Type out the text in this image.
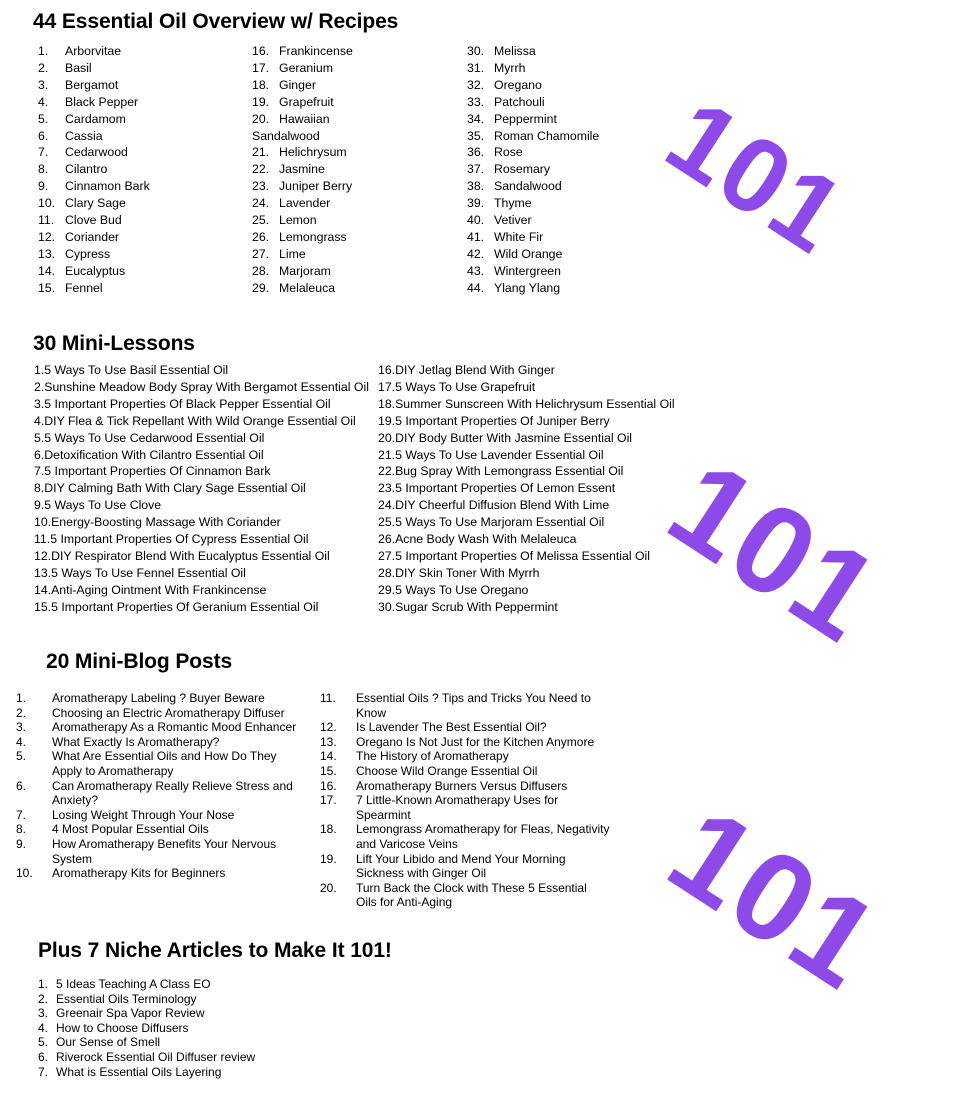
44 Essential Oil Overview w/ Recipes
1.Arborvitae
2.Basil
3.Bergamot
4.Black Pepper
5.Cardamom
6.Cassia
7.Cedarwood
8.Cilantro
9.Cinnamon Bark
10.Clary Sage
11.Clove Bud
12.Coriander
13.Cypress
14.Eucalyptus
15.Fennel
16.Frankincense
17.Geranium
18.Ginger
19.Grapefruit
20.Hawaiian Sandalwood
21.Helichrysum
22.Jasmine
23.Juniper Berry
24.Lavender
25.Lemon
26.Lemongrass
27.Lime
28.Marjoram
29.Melaleuca
30.Melissa
31.Myrrh
32.Oregano
33.Patchouli
34.Peppermint
35.Roman Chamomile
36.Rose
37.Rosemary
38.Sandalwood
39.Thyme
40.Vetiver
41.White Fir
42.Wild Orange
43.Wintergreen
44.Ylang Ylang
30 Mini-Lessons
1.5 Ways To Use Basil Essential Oil
2.Sunshine Meadow Body Spray With Bergamot Essential Oil
3.5 Important Properties Of Black Pepper Essential Oil
4.DIY Flea & Tick Repellant With Wild Orange Essential Oil
5.5 Ways To Use Cedarwood Essential Oil
6.Detoxification With Cilantro Essential Oil
7.5 Important Properties Of Cinnamon Bark
8.DIY Calming Bath With Clary Sage Essential Oil
9.5 Ways To Use Clove
10.Energy-Boosting Massage With Coriander
11.5 Important Properties Of Cypress Essential Oil
12.DIY Respirator Blend With Eucalyptus Essential Oil
13.5 Ways To Use Fennel Essential Oil
14.Anti-Aging Ointment With Frankincense
15.5 Important Properties Of Geranium Essential Oil
16.DIY Jetlag Blend With Ginger
17.5 Ways To Use Grapefruit
18.Summer Sunscreen With Helichrysum Essential Oil
19.5 Important Properties Of Juniper Berry
20.DIY Body Butter With Jasmine Essential Oil
21.5 Ways To Use Lavender Essential Oil
22.Bug Spray With Lemongrass Essential Oil
23.5 Important Properties Of Lemon Essent
24.DIY Cheerful Diffusion Blend With Lime
25.5 Ways To Use Marjoram Essential Oil
26.Acne Body Wash With Melaleuca
27.5 Important Properties Of Melissa Essential Oil
28.DIY Skin Toner With Myrrh
29.5 Ways To Use Oregano
30.Sugar Scrub With Peppermint
20 Mini-Blog Posts
1. Aromatherapy Labeling ? Buyer Beware
2. Choosing an Electric Aromatherapy Diffuser
3. Aromatherapy As a Romantic Mood Enhancer
4. What Exactly Is Aromatherapy?
5. What Are Essential Oils and How Do They Apply to Aromatherapy
6. Can Aromatherapy Really Relieve Stress and Anxiety?
7. Losing Weight Through Your Nose
8. 4 Most Popular Essential Oils
9. How Aromatherapy Benefits Your Nervous System
10. Aromatherapy Kits for Beginners
11. Essential Oils ? Tips and Tricks You Need to Know
12. Is Lavender The Best Essential Oil?
13. Oregano Is Not Just for the Kitchen Anymore
14. The History of Aromatherapy
15. Choose Wild Orange Essential Oil
16. Aromatherapy Burners Versus Diffusers
17. 7 Little-Known Aromatherapy Uses for Spearmint
18. Lemongrass Aromatherapy for Fleas, Negativity and Varicose Veins
19. Lift Your Libido and Mend Your Morning Sickness with Ginger Oil
20. Turn Back the Clock with These 5 Essential Oils for Anti-Aging
Plus 7 Niche Articles to Make It 101!
1. 5 Ideas Teaching A Class EO
2. Essential Oils Terminology
3. Greenair Spa Vapor Review
4. How to Choose Diffusers
5. Our Sense of Smell
6. Riverock Essential Oil Diffuser review
7. What is Essential Oils Layering
101
101
101
